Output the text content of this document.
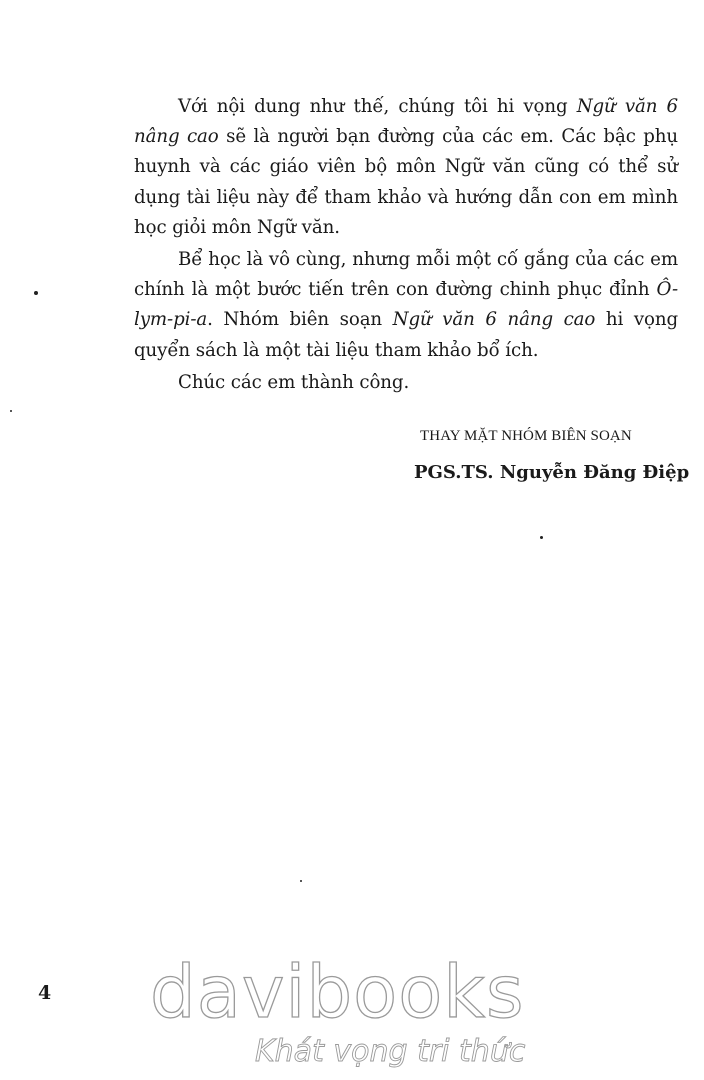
Với nội dung như thế, chúng tôi hi vọng Ngữ văn 6 nâng cao sẽ là người bạn đường của các em. Các bậc phụ huynh và các giáo viên bộ môn Ngữ văn cũng có thể sử dụng tài liệu này để tham khảo và hướng dẫn con em mình học giỏi môn Ngữ văn.

Bể học là vô cùng, nhưng mỗi một cố gắng của các em chính là một bước tiến trên con đường chinh phục đỉnh Ô-lym-pi-a. Nhóm biên soạn Ngữ văn 6 nâng cao hi vọng quyển sách là một tài liệu tham khảo bổ ích.

Chúc các em thành công.

THAY MẶT NHÓM BIÊN SOẠN
PGS.TS. Nguyễn Đăng Điệp
4 davibooks
Khát vọng tri thức
